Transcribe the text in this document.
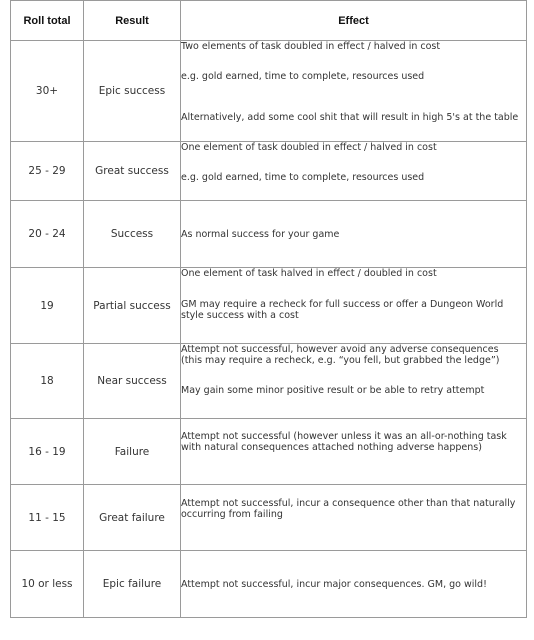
Roll total	Result	Effect
30+	Epic success	Two elements of task doubled in effect / halved in cost

e.g. gold earned, time to complete, resources used

Alternatively, add some cool shit that will result in high 5's at the table

25 - 29	Great success	One element of task doubled in effect / halved in cost

e.g. gold earned, time to complete, resources used

20 - 24	Success	As normal success for your game

19	Partial success	One element of task halved in effect / doubled in cost

GM may require a recheck for full success or offer a Dungeon World
style success with a cost

18	Near success	Attempt not successful, however avoid any adverse consequences
(this may require a recheck, e.g. “you fell, but grabbed the ledge”)

May gain some minor positive result or be able to retry attempt

16 - 19	Failure	Attempt not successful (however unless it was an all-or-nothing task
with natural consequences attached nothing adverse happens)

11 - 15	Great failure	Attempt not successful, incur a consequence other than that naturally
occurring from failing

10 or less	Epic failure	Attempt not successful, incur major consequences. GM, go wild!
